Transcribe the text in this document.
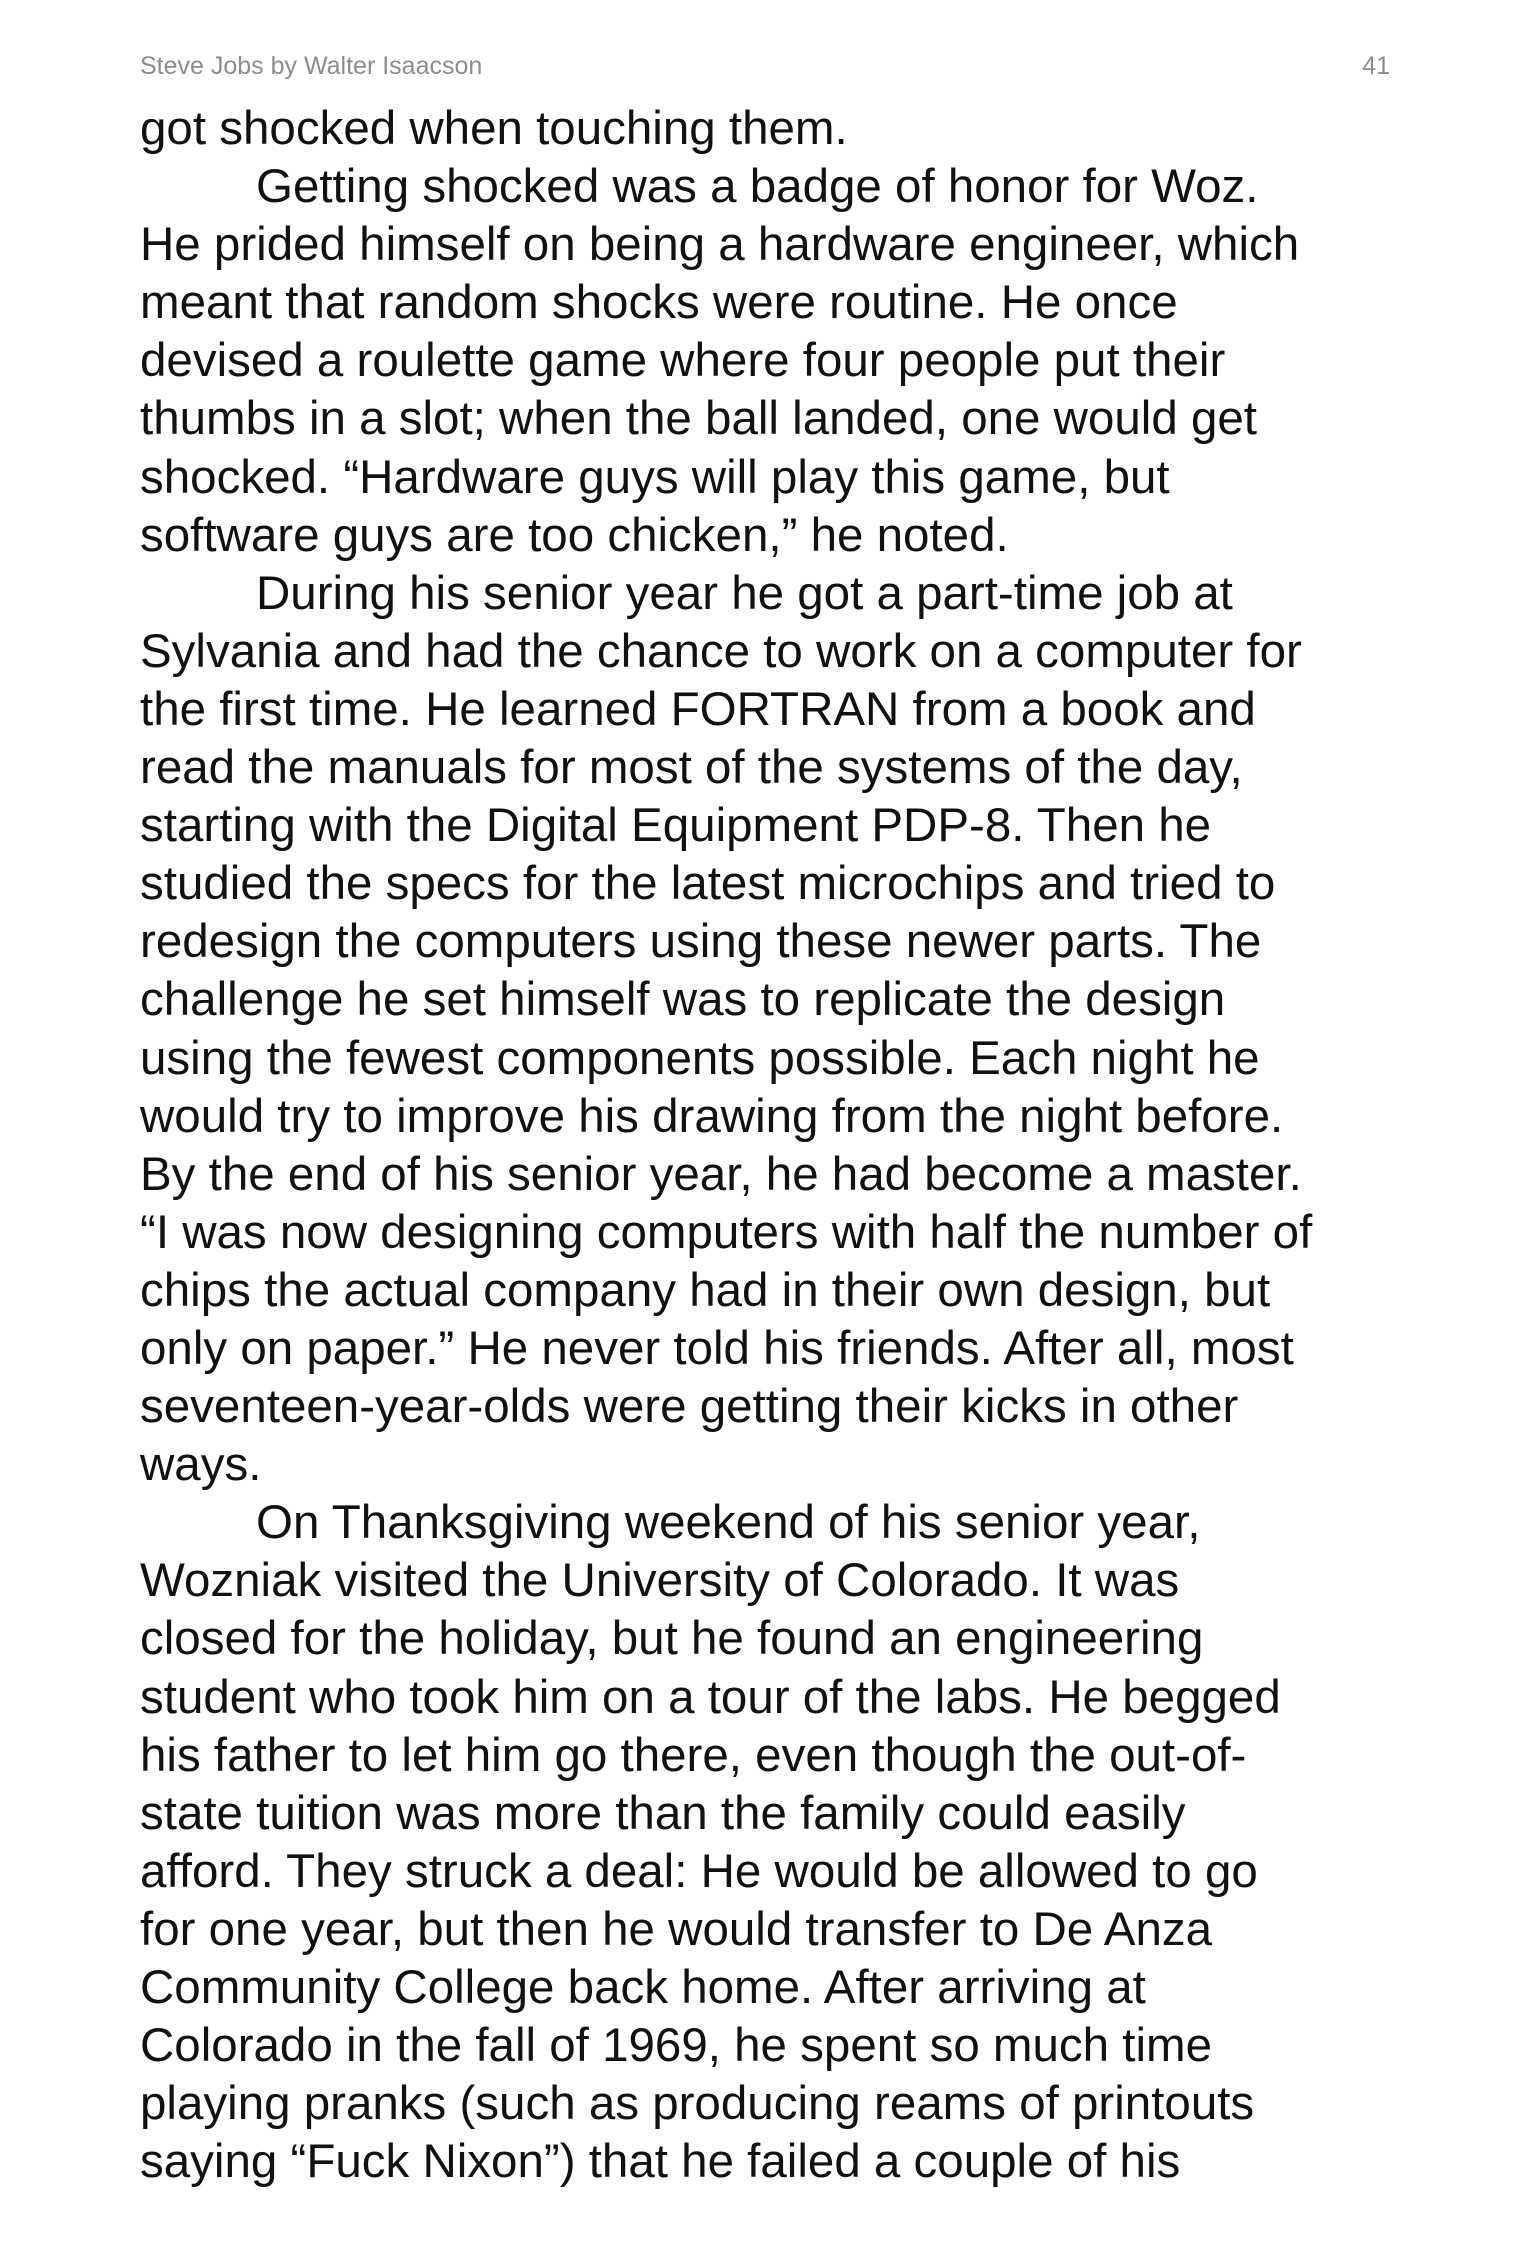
Steve Jobs by Walter Isaacson	41

got shocked when touching them.

Getting shocked was a badge of honor for Woz.

He prided himself on being a hardware engineer, which

meant that random shocks were routine. He once

devised a roulette game where four people put their

thumbs in a slot; when the ball landed, one would get

shocked. “Hardware guys will play this game, but

software guys are too chicken,” he noted.

During his senior year he got a part-time job at

Sylvania and had the chance to work on a computer for

the first time. He learned FORTRAN from a book and

read the manuals for most of the systems of the day,

starting with the Digital Equipment PDP-8. Then he

studied the specs for the latest microchips and tried to

redesign the computers using these newer parts. The

challenge he set himself was to replicate the design

using the fewest components possible. Each night he

would try to improve his drawing from the night before.

By the end of his senior year, he had become a master.

“I was now designing computers with half the number of

chips the actual company had in their own design, but

only on paper.” He never told his friends. After all, most

seventeen-year-olds were getting their kicks in other

ways.

On Thanksgiving weekend of his senior year,

Wozniak visited the University of Colorado. It was

closed for the holiday, but he found an engineering

student who took him on a tour of the labs. He begged

his father to let him go there, even though the out-of-

state tuition was more than the family could easily

afford. They struck a deal: He would be allowed to go

for one year, but then he would transfer to De Anza

Community College back home. After arriving at

Colorado in the fall of 1969, he spent so much time

playing pranks (such as producing reams of printouts

saying “Fuck Nixon”) that he failed a couple of his
